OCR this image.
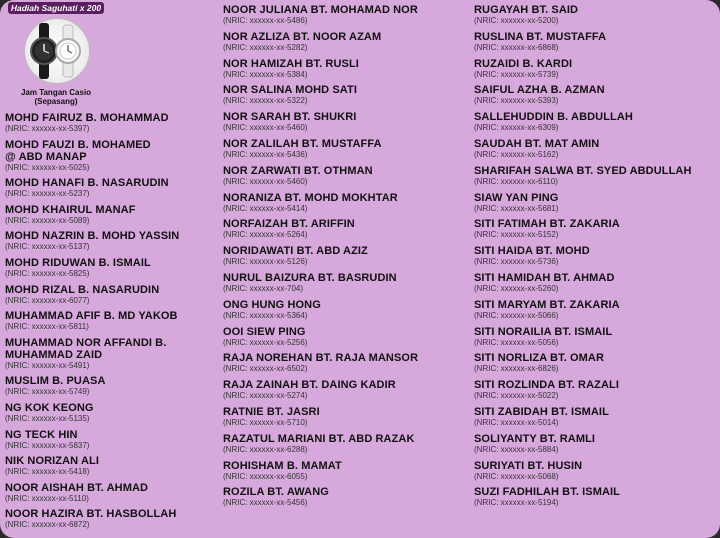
Hadiah Saguhati x 200
Jam Tangan Casio
(Sepasang)
MOHD FAIRUZ B. MOHAMMAD
(NRIC: xxxxxx-xx-5397)
MOHD FAUZI B. MOHAMED
@ ABD MANAP
(NRIC: xxxxxx-xx-5025)
MOHD HANAFI B. NASARUDIN
(NRIC: xxxxxx-xx-5237)
MOHD KHAIRUL MANAF
(NRIC: xxxxxx-xx-5089)
MOHD NAZRIN B. MOHD YASSIN
(NRIC: xxxxxx-xx-5137)
MOHD RIDUWAN B. ISMAIL
(NRIC: xxxxxx-xx-5825)
MOHD RIZAL B. NASARUDIN
(NRIC: xxxxxx-xx-6077)
MUHAMMAD AFIF B. MD YAKOB
(NRIC: xxxxxx-xx-5811)
MUHAMMAD NOR AFFANDI B.
MUHAMMAD ZAID
(NRIC: xxxxxx-xx-5491)
MUSLIM B. PUASA
(NRIC: xxxxxx-xx-5749)
NG KOK KEONG
(NRIC: xxxxxx-xx-5135)
NG TECK HIN
(NRIC: xxxxxx-xx-5837)
NIK NORIZAN ALI
(NRIC: xxxxxx-xx-5418)
NOOR AISHAH BT. AHMAD
(NRIC: xxxxxx-xx-5110)
NOOR HAZIRA BT. HASBOLLAH
(NRIC: xxxxxx-xx-6872)
NOOR JULIANA BT. MOHAMAD NOR
(NRIC: xxxxxx-xx-5486)
NOR AZLIZA BT. NOOR AZAM
(NRIC: xxxxxx-xx-5282)
NOR HAMIZAH BT. RUSLI
(NRIC: xxxxxx-xx-5384)
NOR SALINA MOHD SATI
(NRIC: xxxxxx-xx-5322)
NOR SARAH BT. SHUKRI
(NRIC: xxxxxx-xx-5460)
NOR ZALILAH BT. MUSTAFFA
(NRIC: xxxxxx-xx-5436)
NOR ZARWATI BT. OTHMAN
(NRIC: xxxxxx-xx-5460)
NORANIZA BT. MOHD MOKHTAR
(NRIC: xxxxxx-xx-5414)
NORFAIZAH BT. ARIFFIN
(NRIC: xxxxxx-xx-5264)
NORIDAWATI BT. ABD AZIZ
(NRIC: xxxxxx-xx-5126)
NURUL BAIZURA BT. BASRUDIN
(NRIC: xxxxxx-xx-704)
ONG HUNG HONG
(NRIC: xxxxxx-xx-5364)
OOI SIEW PING
(NRIC: xxxxxx-xx-5256)
RAJA NOREHAN BT. RAJA MANSOR
(NRIC: xxxxxx-xx-6502)
RAJA ZAINAH BT. DAING KADIR
(NRIC: xxxxxx-xx-5274)
RATNIE BT. JASRI
(NRIC: xxxxxx-xx-5710)
RAZATUL MARIANI BT. ABD RAZAK
(NRIC: xxxxxx-xx-6288)
ROHISHAM B. MAMAT
(NRIC: xxxxxx-xx-6055)
ROZILA BT. AWANG
(NRIC: xxxxxx-xx-5456)
RUGAYAH BT. SAID
(NRIC: xxxxxx-xx-5200)
RUSLINA BT. MUSTAFFA
(NRIC: xxxxxx-xx-6868)
RUZAIDI B. KARDI
(NRIC: xxxxxx-xx-5739)
SAIFUL AZHA B. AZMAN
(NRIC: xxxxxx-xx-5393)
SALLEHUDDIN B. ABDULLAH
(NRIC: xxxxxx-xx-6309)
SAUDAH BT. MAT AMIN
(NRIC: xxxxxx-xx-5162)
SHARIFAH SALWA BT. SYED ABDULLAH
(NRIC: xxxxxx-xx-6110)
SIAW YAN PING
(NRIC: xxxxxx-xx-5681)
SITI FATIMAH BT. ZAKARIA
(NRIC: xxxxxx-xx-5152)
SITI HAIDA BT. MOHD
(NRIC: xxxxxx-xx-5736)
SITI HAMIDAH BT. AHMAD
(NRIC: xxxxxx-xx-5260)
SITI MARYAM BT. ZAKARIA
(NRIC: xxxxxx-xx-5066)
SITI NORAILIA BT. ISMAIL
(NRIC: xxxxxx-xx-5056)
SITI NORLIZA BT. OMAR
(NRIC: xxxxxx-xx-6826)
SITI ROZLINDA BT. RAZALI
(NRIC: xxxxxx-xx-5022)
SITI ZABIDAH BT. ISMAIL
(NRIC: xxxxxx-xx-5014)
SOLIYANTY BT. RAMLI
(NRIC: xxxxxx-xx-5884)
SURIYATI BT. HUSIN
(NRIC: xxxxxx-xx-5068)
SUZI FADHILAH BT. ISMAIL
(NRIC: xxxxxx-xx-5194)
